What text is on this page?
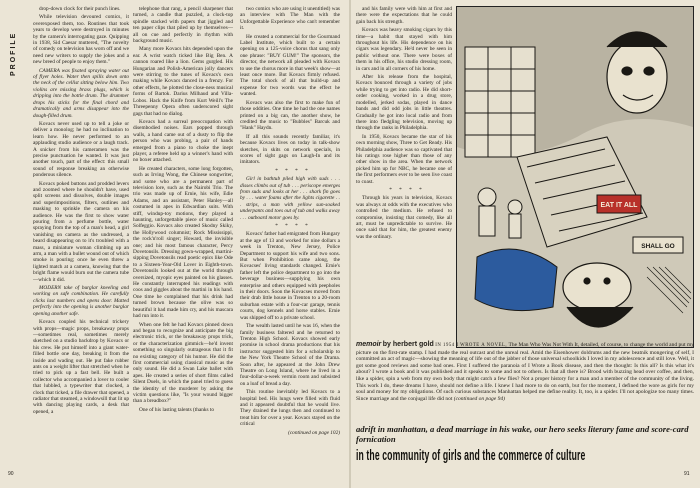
PROFILE

drop-down clock for their punch lines.

While television devoured comics, it overexposed them, too. Routines that took years to develop were destroyed in minutes by the camera's interrogating gaze. Quipping in 1938, Sid Caesar muttered, "The novelty of comedy on television has worn off and we need new writers to supply the jokes and a new breed of people to enjoy them."

CAMERA was fixated spraying water out of flyer holes. Water then spills down onto the neck of the cellist sitting below him. Two violins are missing brass plugs, which is dripping into the bottle drum. The drummer drops his sticks for the final chord and dramatically and arms disappear into the dough-filled drum.

Kovacs never used up to tell a joke or deliver a monolog; he had no inclination to learn how. He never performed to an applauding studio audience or a laugh track. A snicker from his cameramen was the precise punctuation he wanted. It was just another touch, part of the effect: this small sound of response breaking an otherwise ponderous silence.

Kovacs poked buttons and prodded levers and zoomed where he shouldn't have, used split screens and dissolves, double images and superimpositions, filters, outlines and masking to sprinkle the camera on his audience. He was the first to show water pouring from a perfume bottle, water spraying from the top of a man's head, a girl vanishing on camera as the undressed, a beard disappearing on to it's troubled with a mass, a miniature woman climbing up an arm, a man with a bullet wound out of which smoke is pouring; once he even threw a lighted match at a camera, knowing that the bright flame would burn out the camera tube—which it did.

MODERN take of burglar kneeling and working on safe combination. He carefully clicks last numbers and opens door. Matted perfectly into the opening is another burglar opening another safe.

Kovacs coupled his technical trickery with props—magic props, breakaway props—sometimes real, sometimes merely sketched on a studio backdrop by Kovacs or his crew. He put himself into a giant water-filled bottle one day, breaking it from the inside and wading out. He put fake rubber ants on a weight lifter that stretched when he tried to pick up a fast bell. He built a collector who accompanied a lover to cooler that lubbled, a typewriter that clocked, a clock that ticked, a file drawer that opened, a radiator that steamed, a windowsill that lit up with dancing playing cards, a desk that opened, a

telephone that rang, a pencil sharpener that turned, a candle that puzzled, a clock-top spindle stacked with papers that jiggled and ten paper clips that piled up by themselves—all on cue and perfectly in rhythm with background music.

Many more Kovacs hits depended upon the ear. A wrist watch ticked like Big Ben. A cannon roared like a lion. Gems gurgled. His Hungarian and Polish-American jolly dancers were stirring to the tunes of Kovacs's own making while Kovacs danced in a frenzy. For other effects, he plotted the close-ness musical forms of Bartok. Darius Milhaud and Villa-Lobos. Hack the Knife from Kurt Weill's The Threepenny Opera often underscored sight gags that had no dialog.

Kovacs had a surreal preoccupation with disembodied noises. Ears popped through walls, a hand came out of a dusty to flip the person who was probing, a pair of hands emerged from a piano to choke the inept player, a referee held up a winner's hand with no boxer attached.

He created characters, some long forgotten, such as Irving Wong, the Chinese songwriter, and some who are a permanent part of television lore, such as the Nairobi Trio. The trio was made up of Ernie, his wife, Edie Adams, and an assistant, Peter Hanley—all costumed in apes in Edwardian suits. With stiff, windup-toy motions, they played a haunting, unforgettable piece of music called Solfeggio. Kovacs also created Skodny Skiky, the Hollywood columnist; Rock Mississippi, the rock'n'roll singer; Howard, the invisible one; and his most famous character, Percy Dovetonsils. Dressing gown-wrapped, martini-sipping Dovetonsils read poetic epics like Ode to a Sixteen-Year-Old Lover in Eighth-town. Dovetonsils looked out at the world through oversized, myopic eyes painted on his glasses. He constantly interrupted his readings with coos and giggles about the martini in his hand. One time he complained that his drink had turned brown because the olive was so beautiful it had made him cry, and his mascara had run into it.

When one felt he had Kovacs pinned down and began to recognize and anticipate the big electronic trick, or the breakaway props trick, or the characterization gimmick—he'd invent something so singularly outrageous that it fit no existing category of his humor. He did the first commercial using classical music as the only sound. He did a Swan Lake ballet with apes. He created a series of short films called Silent Duels, in which the panel tried to guess the identity of the murderer by asking the victim questions like, "Is your wound bigger than a breadbox?"

One of his lasting talents (thanks to

two comics who are using it unentitled) was an interview with The Man with the Unforgettable Experience who can't remember it.

He created a commercial for the Gourmand Label Institute, which built to a certain opening on a 125-voice chorus that sang only one phrase: "BUY GUM!" The sponsors, the director, the network all pleaded with Kovacs to use the chorus more in that week's show—at least once more. But Kovacs firmly refused. The total shock of all that build-up and expense for two words was the effect he wanted.

Kovacs was also the first to make fun of those oddities. One time he had the one names printed on a big can, the another show, he credited the music to "Bubbles" Barcuk and "Hank" Haydn.

If all this sounds recently familiar, it's because Kovacs lives on today in talk-show sketches, in skits on network specials, in scores of sight gags on Laugh-In and its imitators.

* * * *

Girl in bathtub piled high with suds . . . disses climbs out of tub . . . periscope emerges from suds and looks at her . . . shark fin goes by . . . water foams after the lights cigarette . . . strips, a man with yellow sun-soaked underpants and toes out of tub and walks away . . . outboard motor goes by.

* * * *

Kovacs' father had emigrated from Hungary at the age of 13 and worked for nine dollars a week in Trenton, New Jersey, Police Department to support his wife and two sons. But when Prohibition came along, the Kovacses' living standards changed. Ernie's father left the police department to go into the beverage business—supplying his own enterprise and others equipped with peepholes in their doors. Soon the Kovacses moved from their drab little house in Trenton to a 20-room suburban estate with a four-car garage, tennis courts, dog kennels and horse stables. Ernie was shipped off to a private school.

The wealth lasted until he was 16, when the family business faltered and he returned to Trenton High School. Kovacs showed early promise in school drama productions that his instructor suggested him for a scholarship to the New York Theatre School of the Drama. Soon after, he appeared at the John Drew Theatre on Long Island, where he lived in a four-dollar-a-week vermin room and subsisted on a loaf of bread a day.

This routine inevitably led Kovacs to a hospital bed. His lungs were filled with fluid and it appeared doubtful that he would live. They drained the lungs then and continued to treat him for over a year. Kovacs stayed on the critical

(continued on page 102)

and his family were with him at first and there were the expectations that he could gain back his strength.

Kovacs was heavy smoking cigars by this time—a habit that stayed with him throughout his life. His dependence on his cigars was legendary. He'd never be seen in public without one. There were boxes of them in his office, his studio dressing room, in cars and in all corners of his home.

After his release from the hospital, Kovacs bounced through a variety of jobs while trying to get into radio. He did short-order cooking, worked in a drug store, modelled, jerked sodas, played in dance bands and did odd jobs in little theatres. Gradually he got into local radio and from there into fledgling television, moving up through the ranks in Philadelphia.

In 1950, Kovacs became the star of his own morning show, Three to Get Ready. His Philadelphia audience was so captivated that his ratings rose higher than those of any other show in the area. When the network picked him up for NBC, he became one of the first performers ever to be seen live coast to coast.

* * * *

Through his years in television, Kovacs was always at odds with the executives who controlled the medium. He refused to compromise, insisting that comedy, like all art, must be unpredictable to survive. He once said that for him, the greatest enemy was the ordinary.

EAT IT ALL
SHALL GO

memoir by herbert gold IN 1954 I WROTE A NOVEL, The Man Who Was Not With It, detailed, of course, to change the world and put my picture on the first-rate stamp. I had made the real outcast and the unreal real. Amid the Eisenhower doldrums and the new beatnik mongering of self, I committed an act of magic—showing the meaning of life out of the jabber of those universal schoolkids I loved in my adolescence and still love. Well, it got some good reviews and some bad ones. First I suffered the paranoia of I Wrote a Book disease, and then the thought: Is this all? Is this what it's about? I wrote a book and it was published and it speaks to some and not to others. Is that all there is? Brood with buzzing head over coffee, and then, like a spider, spin a web from my own body that might catch a few flies? Not a proper history for a man and a member of the community of the living. This work I do, these dreams I have, should not define a life. I knew I had more to do on earth, but for the moment, I defined the wore as girls for my soul and money for my obligations. Of such curious substances Manhattan helped me define reality. It, too, is a spider. I'll not apologize too many times. Since marriage and the conjugal life did not (continued on page 94)

adrift in manhattan, a dead marriage in his wake, our hero seeks literary fame and score-card fornication
in the community of girls and the commerce of culture
90	91
